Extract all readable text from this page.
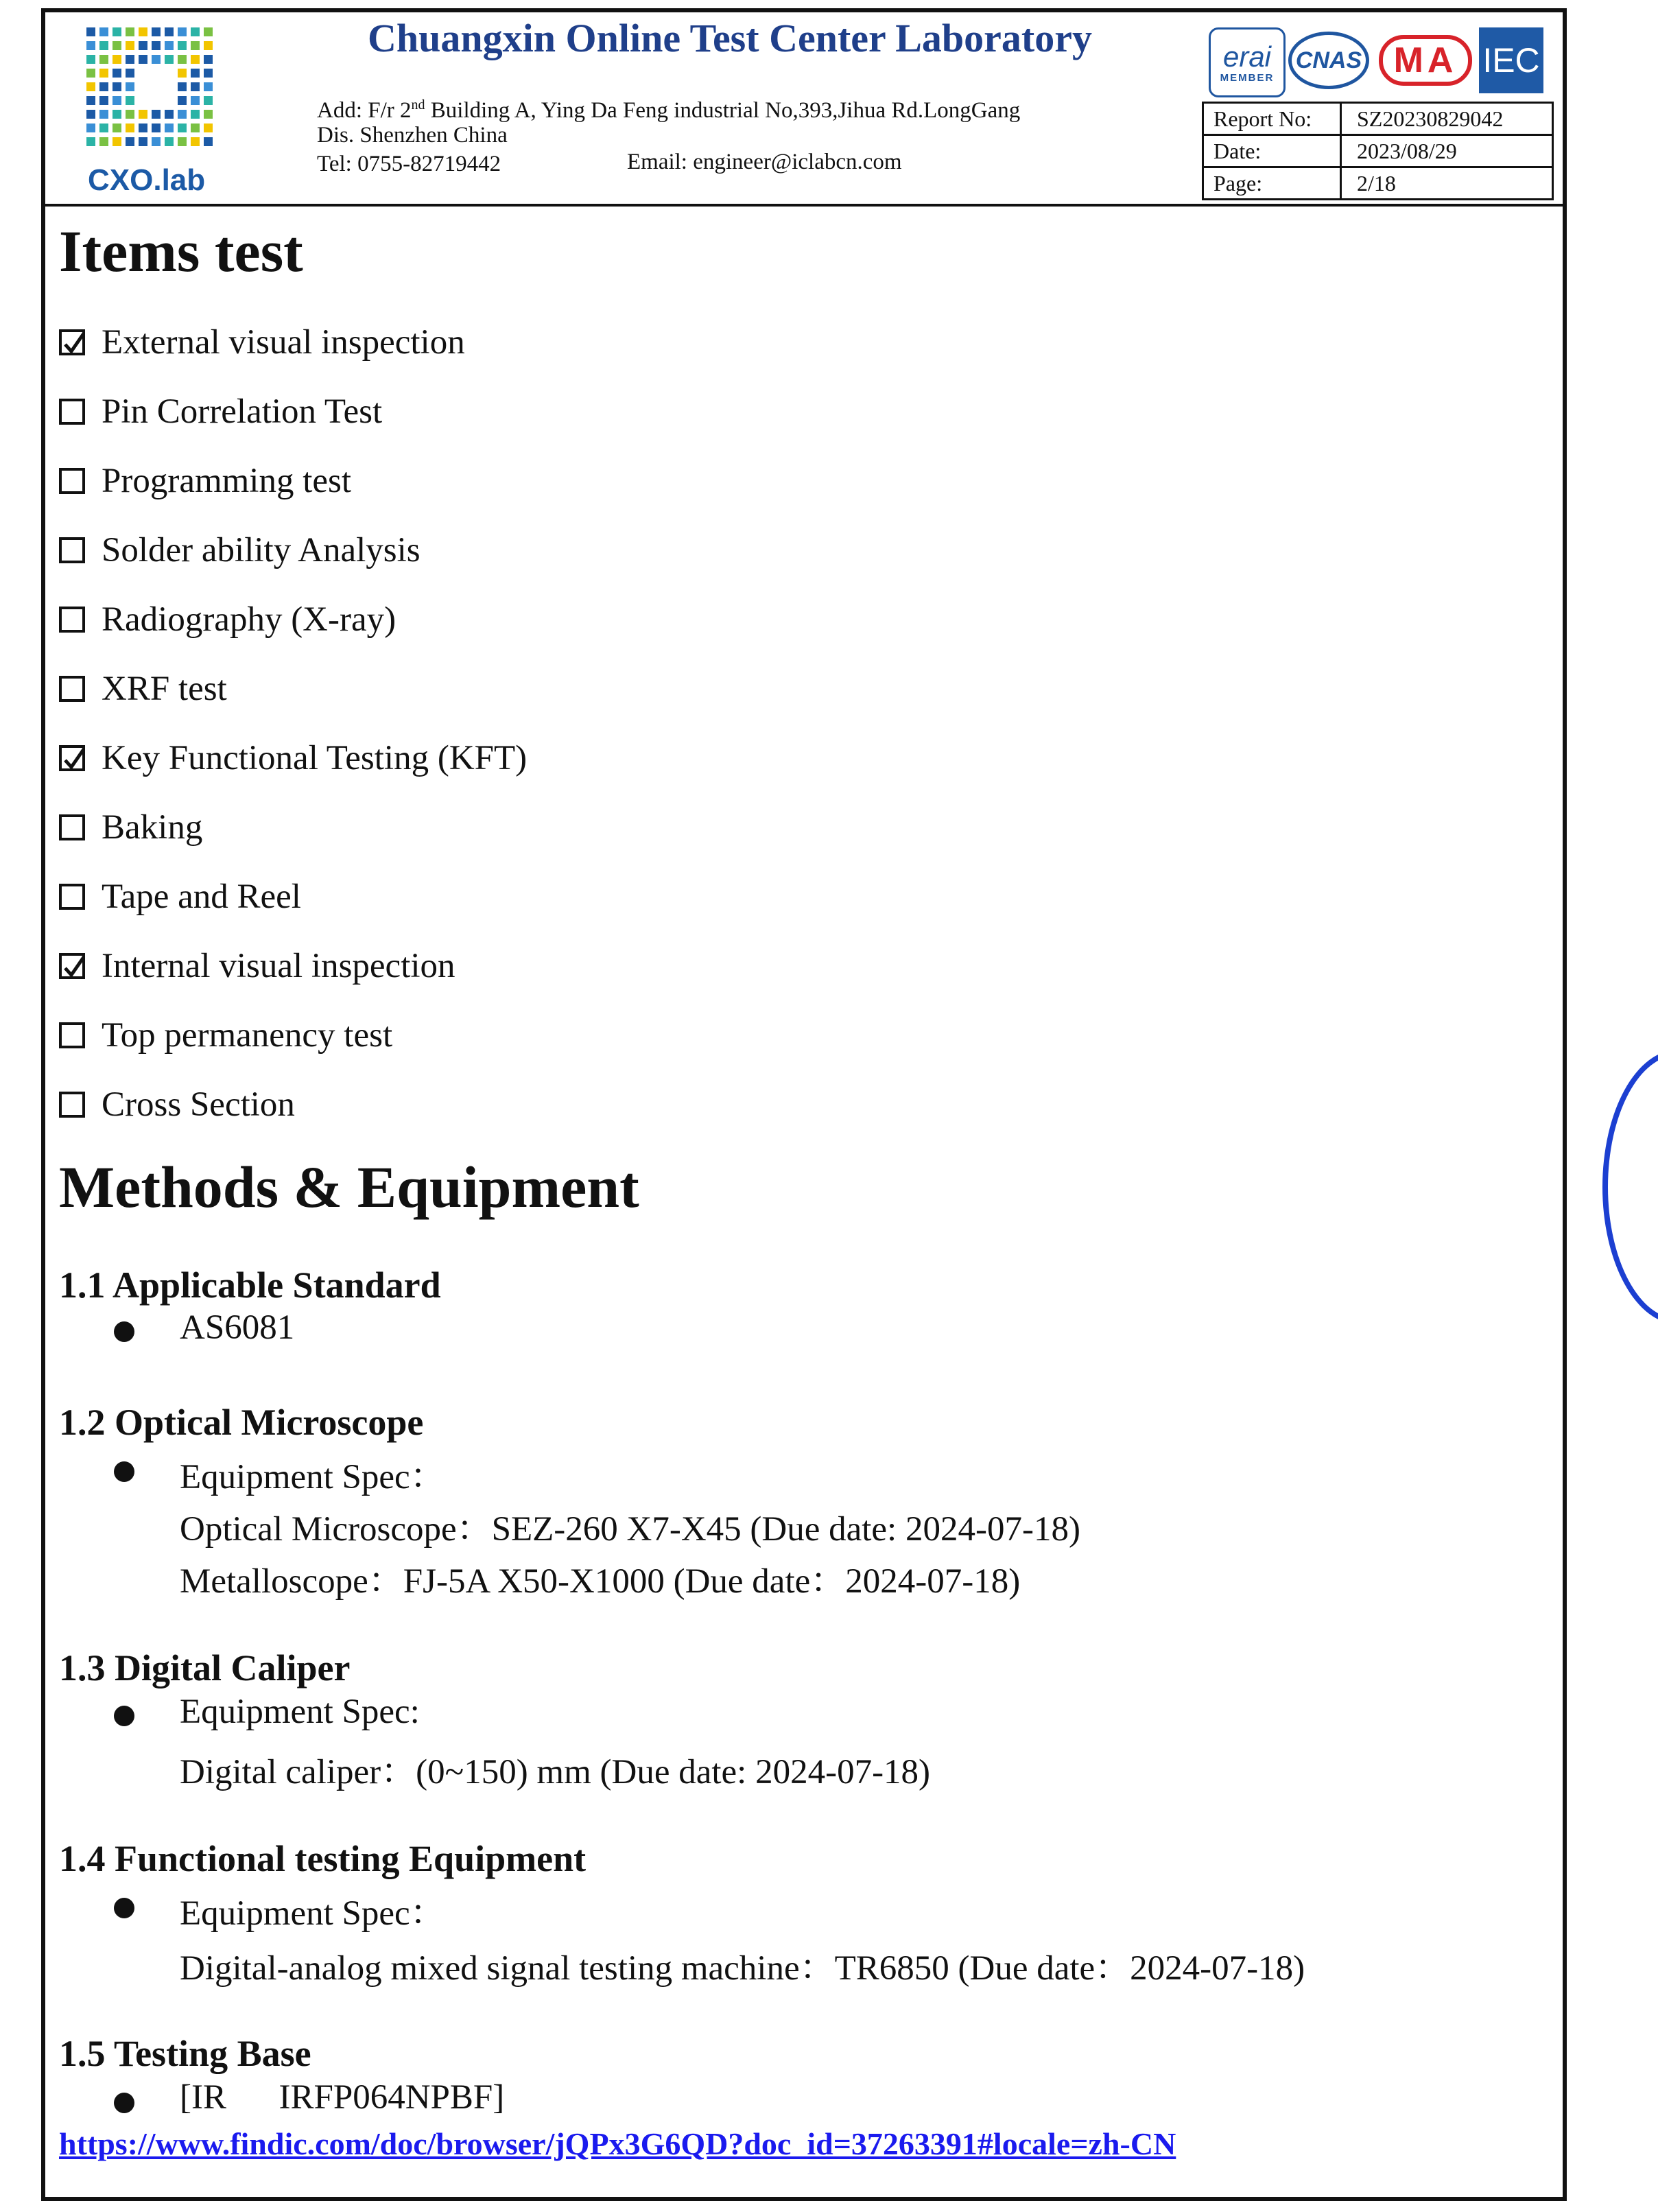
CXO.lab
Chuangxin Online Test Center Laboratory
Add: F/r 2nd Building A, Ying Da Feng industrial No,393,Jihua Rd.LongGang
Dis. Shenzhen China
Tel: 0755-82719442	Email: engineer@iclabcn.com
erai
MEMBER
CNAS MA IEC
Report No:	SZ20230829042
Date:	2023/08/29
Page:	2/18
Items test
External visual inspection
Pin Correlation Test
Programming test
Solder ability Analysis
Radiography (X-ray)
XRF test
Key Functional Testing (KFT)
Baking
Tape and Reel
Internal visual inspection
Top permanency test
Cross Section
Methods & Equipment
1.1 Applicable Standard
AS6081
1.2 Optical Microscope
Equipment Spec：
Optical Microscope：SEZ-260 X7-X45 (Due date: 2024-07-18)
Metalloscope：FJ-5A X50-X1000 (Due date：2024-07-18)
1.3 Digital Caliper
Equipment Spec:
Digital caliper：(0~150) mm (Due date: 2024-07-18)
1.4 Functional testing Equipment
Equipment Spec：
Digital-analog mixed signal testing machine：TR6850 (Due date：2024-07-18)
1.5 Testing Base
[IR      IRFP064NPBF]
https://www.findic.com/doc/browser/jQPx3G6QD?doc_id=37263391#locale=zh-CN
